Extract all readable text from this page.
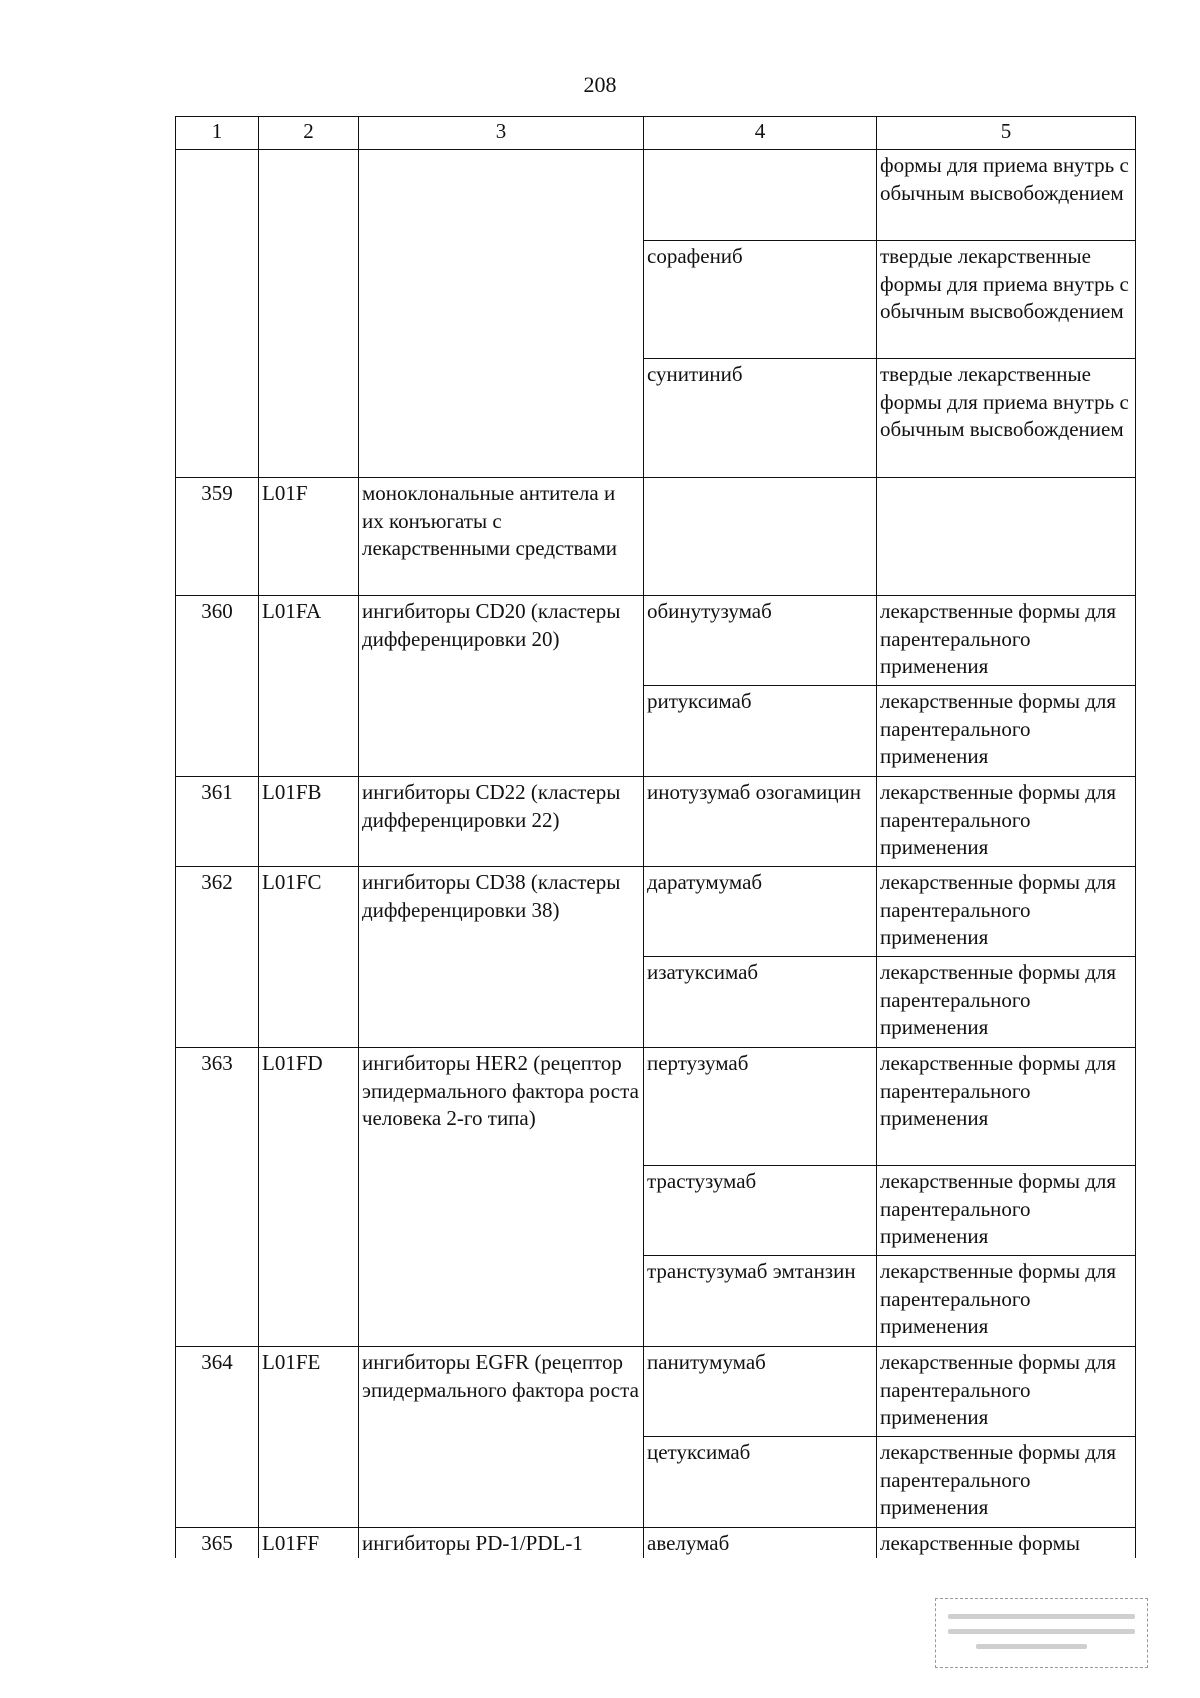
208
1	2	3	4	5
				формы для приема внутрь с обычным высвобождением
			сорафениб	твердые лекарственные формы для приема внутрь с обычным высвобождением
			сунитиниб	твердые лекарственные формы для приема внутрь с обычным высвобождением
359	L01F	моноклональные антитела и их конъюгаты с лекарственными средствами		
360	L01FA	ингибиторы CD20 (кластеры дифференцировки 20)	обинутузумаб	лекарственные формы для парентерального применения
			ритуксимаб	лекарственные формы для парентерального применения
361	L01FB	ингибиторы CD22 (кластеры дифференцировки 22)	инотузумаб озогамицин	лекарственные формы для парентерального применения
362	L01FC	ингибиторы CD38 (кластеры дифференцировки 38)	даратумумаб	лекарственные формы для парентерального применения
			изатуксимаб	лекарственные формы для парентерального применения
363	L01FD	ингибиторы HER2 (рецептор эпидермального фактора роста человека 2-го типа)	пертузумаб	лекарственные формы для парентерального применения
			трастузумаб	лекарственные формы для парентерального применения
			транстузумаб эмтанзин	лекарственные формы для парентерального применения
364	L01FE	ингибиторы EGFR (рецептор эпидермального фактора роста	панитумумаб	лекарственные формы для парентерального применения
			цетуксимаб	лекарственные формы для парентерального применения
365	L01FF	ингибиторы PD-1/PDL-1	авелумаб	лекарственные формы
